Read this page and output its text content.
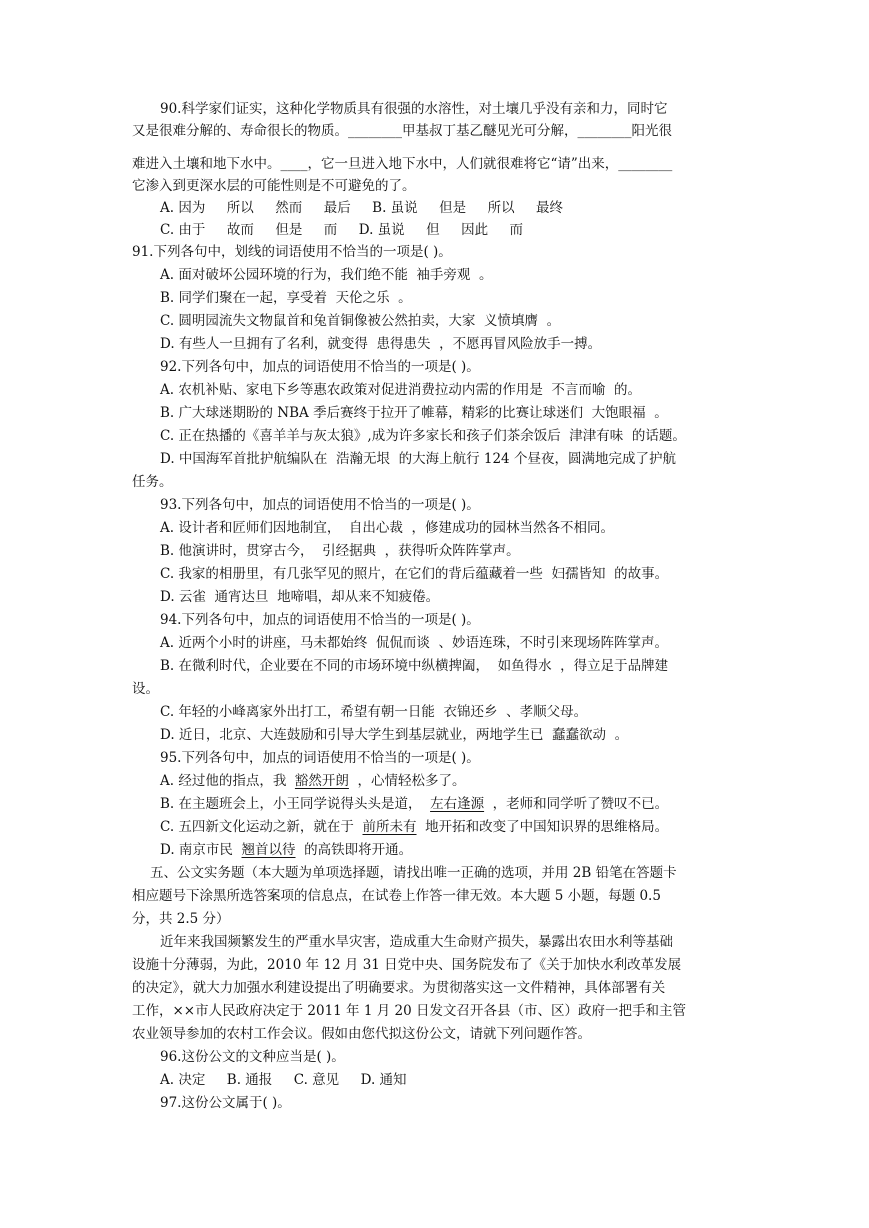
90.科学家们证实，这种化学物质具有很强的水溶性，对土壤几乎没有亲和力，同时它
又是很难分解的、寿命很长的物质。________甲基叔丁基乙醚见光可分解，________阳光很
难进入土壤和地下水中。____，它一旦进入地下水中，人们就很难将它“请”出来，________
它渗入到更深水层的可能性则是不可避免的了。
A. 因为     所以     然而     最后     B. 虽说     但是     所以     最终
C. 由于     故而     但是     而     D. 虽说     但     因此     而
91.下列各句中，划线的词语使用不恰当的一项是( )。
A. 面对破坏公园环境的行为，我们绝不能  袖手旁观  。
B. 同学们聚在一起，享受着  天伦之乐  。
C. 圆明园流失文物鼠首和兔首铜像被公然拍卖，大家  义愤填膺  。
D. 有些人一旦拥有了名利，就变得  患得患失  ，不愿再冒风险放手一搏。
92.下列各句中，加点的词语使用不恰当的一项是( )。
A. 农机补贴、家电下乡等惠农政策对促进消费拉动内需的作用是  不言而喻  的。
B. 广大球迷期盼的 NBA 季后赛终于拉开了帷幕，精彩的比赛让球迷们  大饱眼福  。
C. 正在热播的《喜羊羊与灰太狼》,成为许多家长和孩子们茶余饭后  津津有味  的话题。
D. 中国海军首批护航编队在  浩瀚无垠  的大海上航行 124 个昼夜，圆满地完成了护航
任务。
93.下列各句中，加点的词语使用不恰当的一项是( )。
A. 设计者和匠师们因地制宜，  自出心裁  ，修建成功的园林当然各不相同。
B. 他演讲时，贯穿古今，  引经据典  ，获得听众阵阵掌声。
C. 我家的相册里，有几张罕见的照片，在它们的背后蕴藏着一些  妇孺皆知  的故事。
D. 云雀  通宵达旦  地啼唱，却从来不知疲倦。
94.下列各句中，加点的词语使用不恰当的一项是( )。
A. 近两个小时的讲座，马未都始终  侃侃而谈  、妙语连珠，不时引来现场阵阵掌声。
B. 在微利时代，企业要在不同的市场环境中纵横捭阖，  如鱼得水  ，得立足于品牌建
设。
C. 年轻的小峰离家外出打工，希望有朝一日能  衣锦还乡  、孝顺父母。
D. 近日，北京、大连鼓励和引导大学生到基层就业，两地学生已  蠢蠢欲动  。
95.下列各句中，加点的词语使用不恰当的一项是( )。
A. 经过他的指点，我  豁然开朗  ，心情轻松多了。
B. 在主题班会上，小王同学说得头头是道，  左右逢源  ，老师和同学听了赞叹不已。
C. 五四新文化运动之新，就在于  前所未有  地开拓和改变了中国知识界的思维格局。
D. 南京市民  翘首以待  的高铁即将开通。
五、公文实务题（本大题为单项选择题，请找出唯一正确的选项，并用 2B 铅笔在答题卡
相应题号下涂黑所选答案项的信息点，在试卷上作答一律无效。本大题 5 小题，每题 0.5
分，共 2.5 分）
近年来我国频繁发生的严重水旱灾害，造成重大生命财产损失，暴露出农田水利等基础
设施十分薄弱，为此，2010 年 12 月 31 日党中央、国务院发布了《关于加快水利改革发展
的决定》，就大力加强水利建设提出了明确要求。为贯彻落实这一文件精神，具体部署有关
工作，××市人民政府决定于 2011 年 1 月 20 日发文召开各县（市、区）政府一把手和主管
农业领导参加的农村工作会议。假如由您代拟这份公文，请就下列问题作答。
96.这份公文的文种应当是( )。
A. 决定     B. 通报     C. 意见     D. 通知
97.这份公文属于( )。
